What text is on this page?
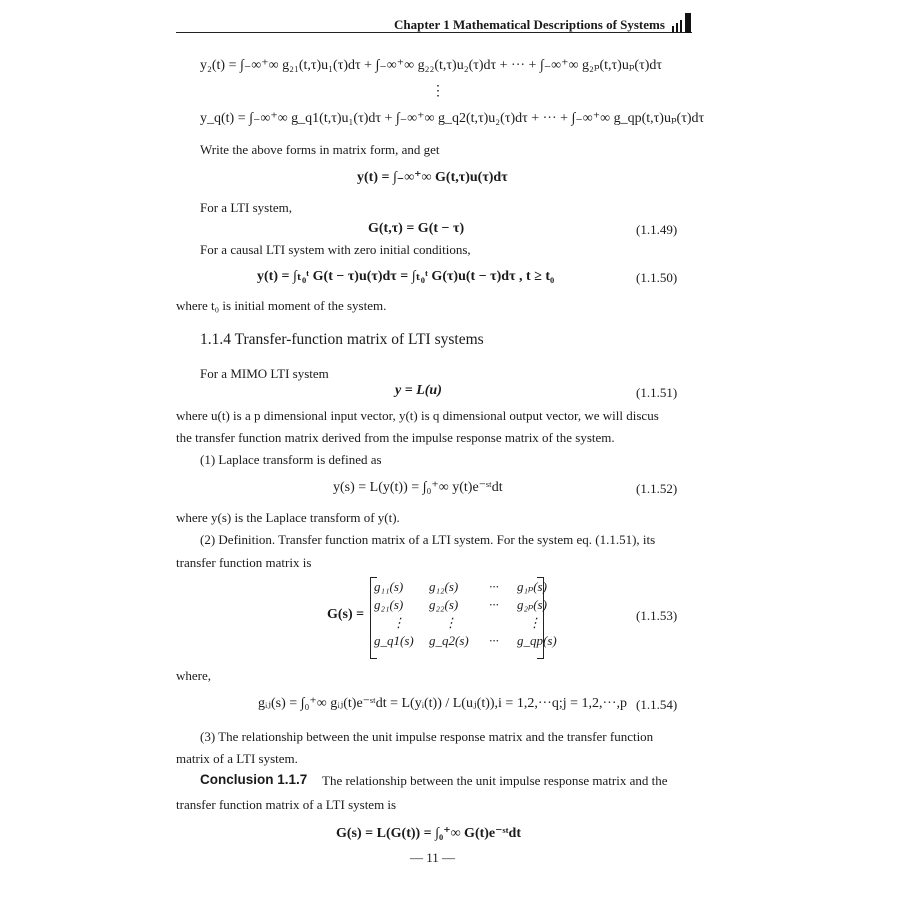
Chapter 1 Mathematical Descriptions of Systems
y₂(t) = ∫₋∞⁺∞ g₂₁(t,τ)u₁(τ)dτ + ∫₋∞⁺∞ g₂₂(t,τ)u₂(τ)dτ + ··· + ∫₋∞⁺∞ g₂ₚ(t,τ)uₚ(τ)dτ
⋮
y_q(t) = ∫₋∞⁺∞ g_q1(t,τ)u₁(τ)dτ + ∫₋∞⁺∞ g_q2(t,τ)u₂(τ)dτ + ··· + ∫₋∞⁺∞ g_qp(t,τ)uₚ(τ)dτ
Write the above forms in matrix form, and get
y(t) = ∫₋∞⁺∞ G(t,τ)u(τ)dτ
For a LTI system,
G(t,τ) = G(t − τ)	(1.1.49)
For a causal LTI system with zero initial conditions,
y(t) = ∫ₜ₀ᵗ G(t − τ)u(τ)dτ = ∫ₜ₀ᵗ G(τ)u(t − τ)dτ , t ≥ t₀	(1.1.50)
where t₀ is initial moment of the system.
1.1.4 Transfer-function matrix of LTI systems
For a MIMO LTI system
y = L(u)	(1.1.51)
where u(t) is a p dimensional input vector, y(t) is q dimensional output vector, we will discus
the transfer function matrix derived from the impulse response matrix of the system.
(1) Laplace transform is defined as
y(s) = L(y(t)) = ∫₀⁺∞ y(t)e⁻ˢᵗdt	(1.1.52)
where y(s) is the Laplace transform of y(t).
(2) Definition. Transfer function matrix of a LTI system. For the system eq. (1.1.51), its
transfer function matrix is
G(s) =
g₁₁(s)	g₁₂(s)	···	g₁ₚ(s)
g₂₁(s)	g₂₂(s)	···	g₂ₚ(s)
⋮	⋮		⋮
g_q1(s)	g_q2(s)	···	g_qp(s)
(1.1.53)
where,
gᵢⱼ(s) = ∫₀⁺∞ gᵢⱼ(t)e⁻ˢᵗdt = L(yᵢ(t)) / L(uⱼ(t)),i = 1,2,···q;j = 1,2,···,p (1.1.54)
(3) The relationship between the unit impulse response matrix and the transfer function
matrix of a LTI system.
Conclusion 1.1.7 The relationship between the unit impulse response matrix and the
transfer function matrix of a LTI system is
G(s) = L(G(t)) = ∫₀⁺∞ G(t)e⁻ˢᵗdt
— 11 —
